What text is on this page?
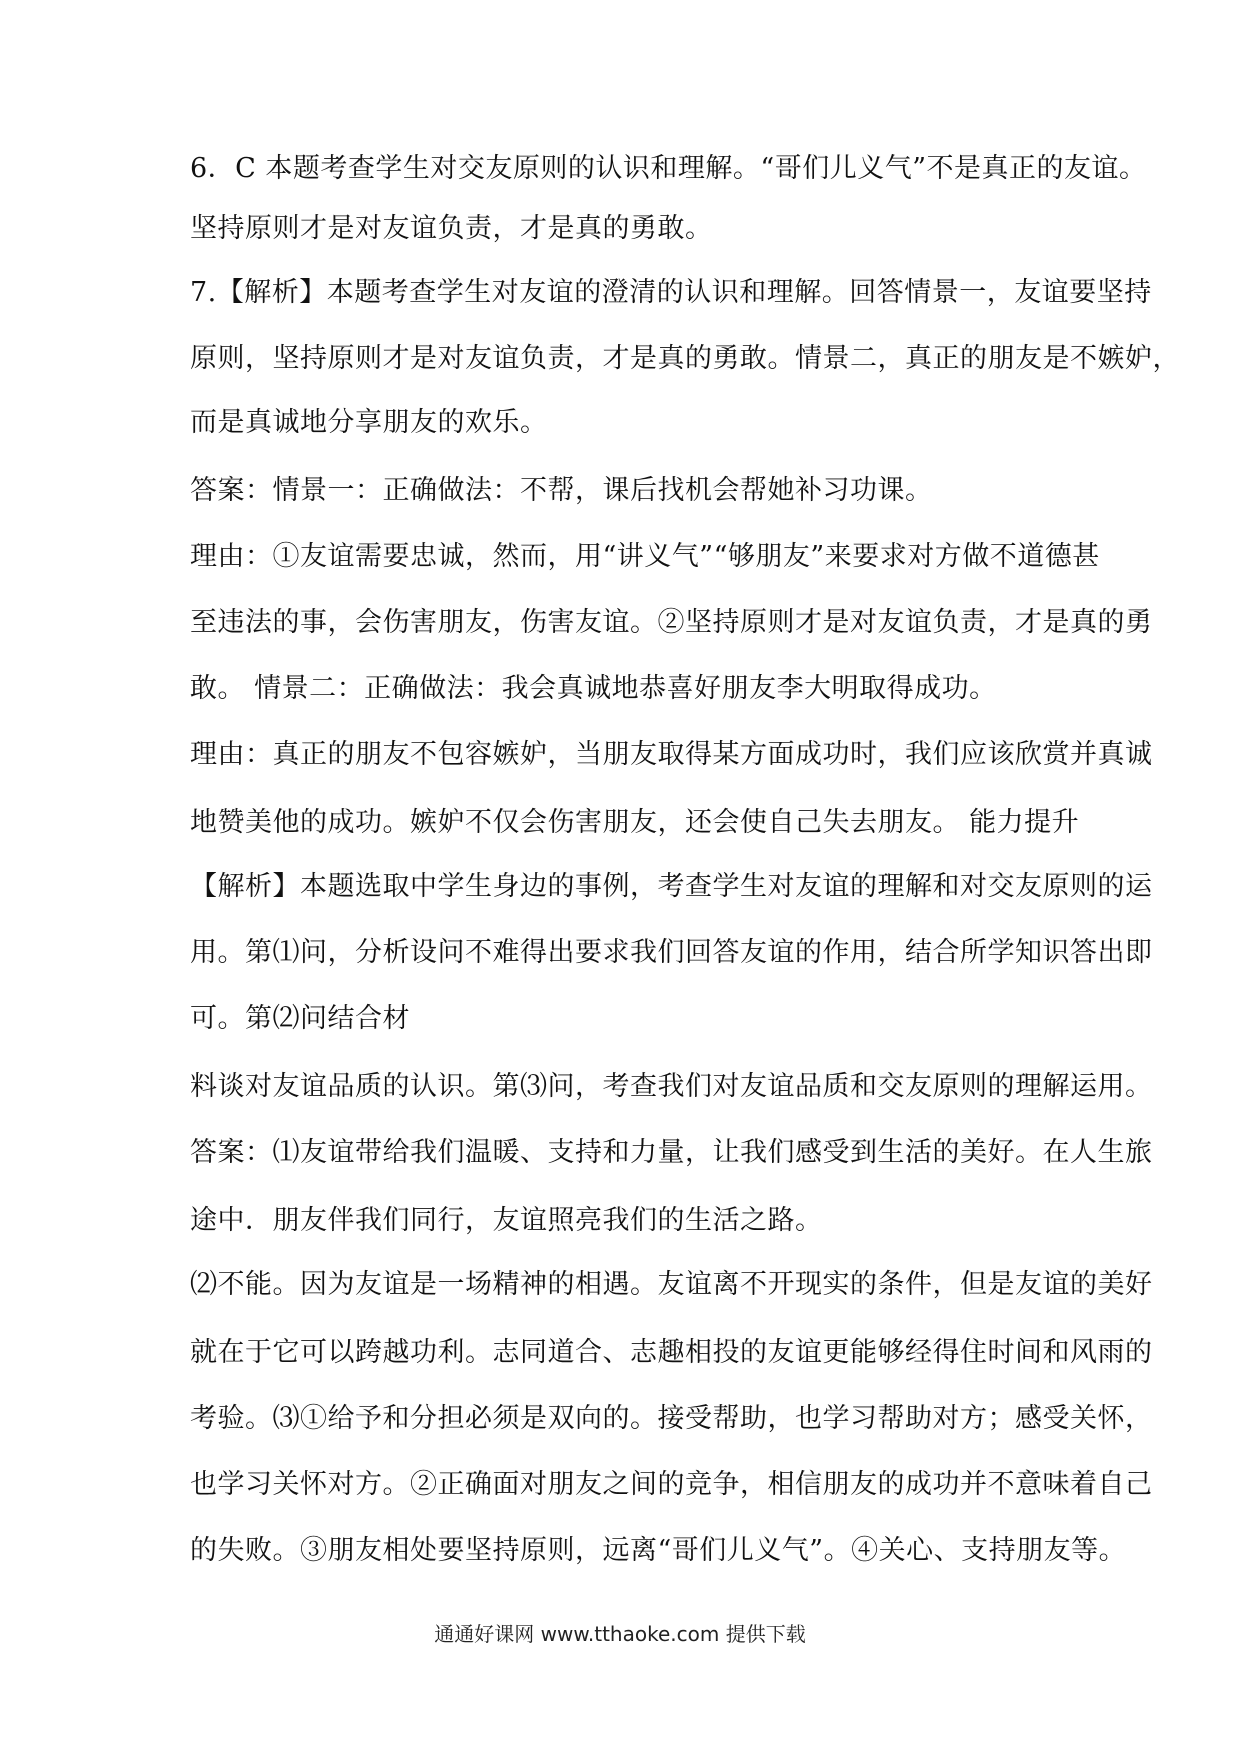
6．C 本题考查学生对交友原则的认识和理解。“哥们儿义气”不是真正的友谊。
坚持原则才是对友谊负责，才是真的勇敢。
7.【解析】本题考查学生对友谊的澄清的认识和理解。回答情景一，友谊要坚持
原则，坚持原则才是对友谊负责，才是真的勇敢。情景二，真正的朋友是不嫉妒，
而是真诚地分享朋友的欢乐。
答案：情景一：正确做法：不帮，课后找机会帮她补习功课。
理由：①友谊需要忠诚，然而，用“讲义气”“够朋友”来要求对方做不道德甚
至违法的事，会伤害朋友，伤害友谊。②坚持原则才是对友谊负责，才是真的勇
敢。 情景二：正确做法：我会真诚地恭喜好朋友李大明取得成功。
理由：真正的朋友不包容嫉妒，当朋友取得某方面成功时，我们应该欣赏并真诚
地赞美他的成功。嫉妒不仅会伤害朋友，还会使自己失去朋友。 能力提升
【解析】本题选取中学生身边的事例，考查学生对友谊的理解和对交友原则的运
用。第⑴问，分析设问不难得出要求我们回答友谊的作用，结合所学知识答出即
可。第⑵问结合材
料谈对友谊品质的认识。第⑶问，考查我们对友谊品质和交友原则的理解运用。
答案：⑴友谊带给我们温暖、支持和力量，让我们感受到生活的美好。在人生旅
途中．朋友伴我们同行，友谊照亮我们的生活之路。
⑵不能。因为友谊是一场精神的相遇。友谊离不开现实的条件，但是友谊的美好
就在于它可以跨越功利。志同道合、志趣相投的友谊更能够经得住时间和风雨的
考验。⑶①给予和分担必须是双向的。接受帮助，也学习帮助对方；感受关怀，
也学习关怀对方。②正确面对朋友之间的竞争，相信朋友的成功并不意味着自己
的失败。③朋友相处要坚持原则，远离“哥们儿义气”。④关心、支持朋友等。
通通好课网 www.tthaoke.com 提供下载
